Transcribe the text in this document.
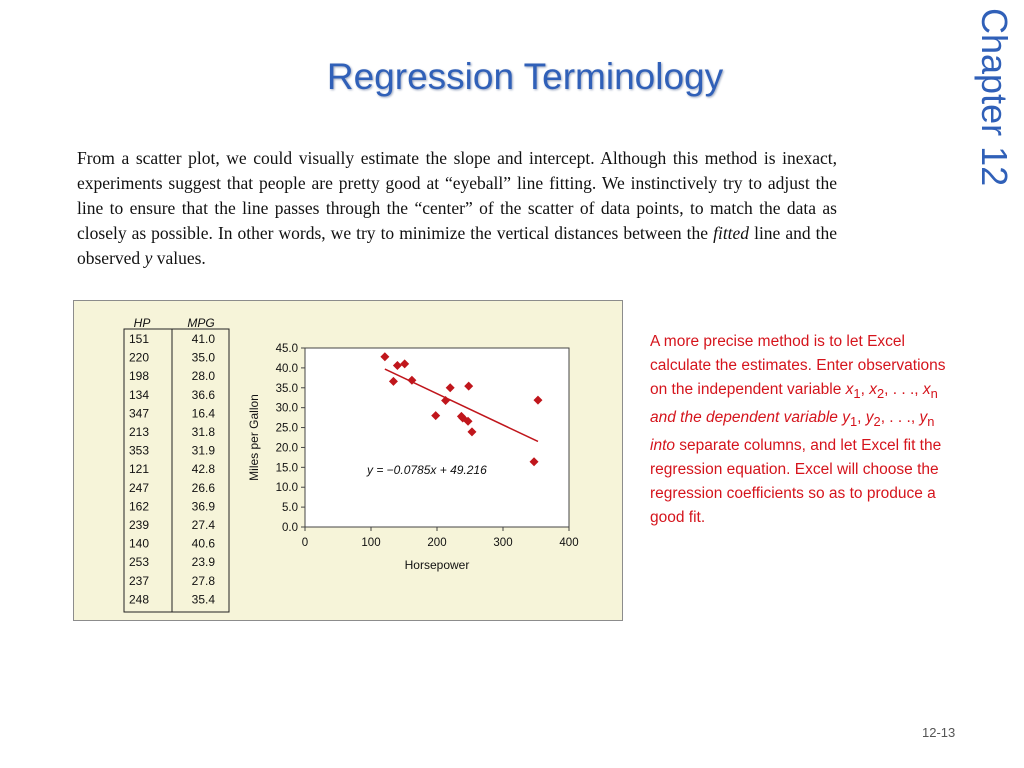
Regression Terminology	Chapter 12
From a scatter plot, we could visually estimate the slope and intercept. Although this method is inexact, experiments suggest that people are pretty good at “eyeball” line fitting. We instinctively try to adjust the line to ensure that the line passes through the “center” of the scatter of data points, to match the data as closely as possible. In other words, we try to minimize the vertical distances between the fitted line and the observed y values.
HP	MPG
151	41.0
220	35.0
198	28.0
134	36.6
347	16.4
213	31.8
353	31.9
121	42.8
247	26.6
162	36.9
239	27.4
140	40.6
253	23.9
237	27.8
248	35.4
0.0
5.0
10.0
15.0
20.0
25.0
30.0
35.0
40.0
45.0
0	100	200	300	400
Horsepower
Miles per Gallon	y = −0.0785x + 49.216
A more precise method is to let Excel calculate the estimates. Enter observations on the independent variable $x_1$, $x_2$, . . ., $x_n$ and the dependent variable $y_1$, $y_2$, . . ., $y_n$ into separate columns, and let Excel fit the regression equation. Excel will choose the regression coefficients so as to produce a good fit.
12-13
